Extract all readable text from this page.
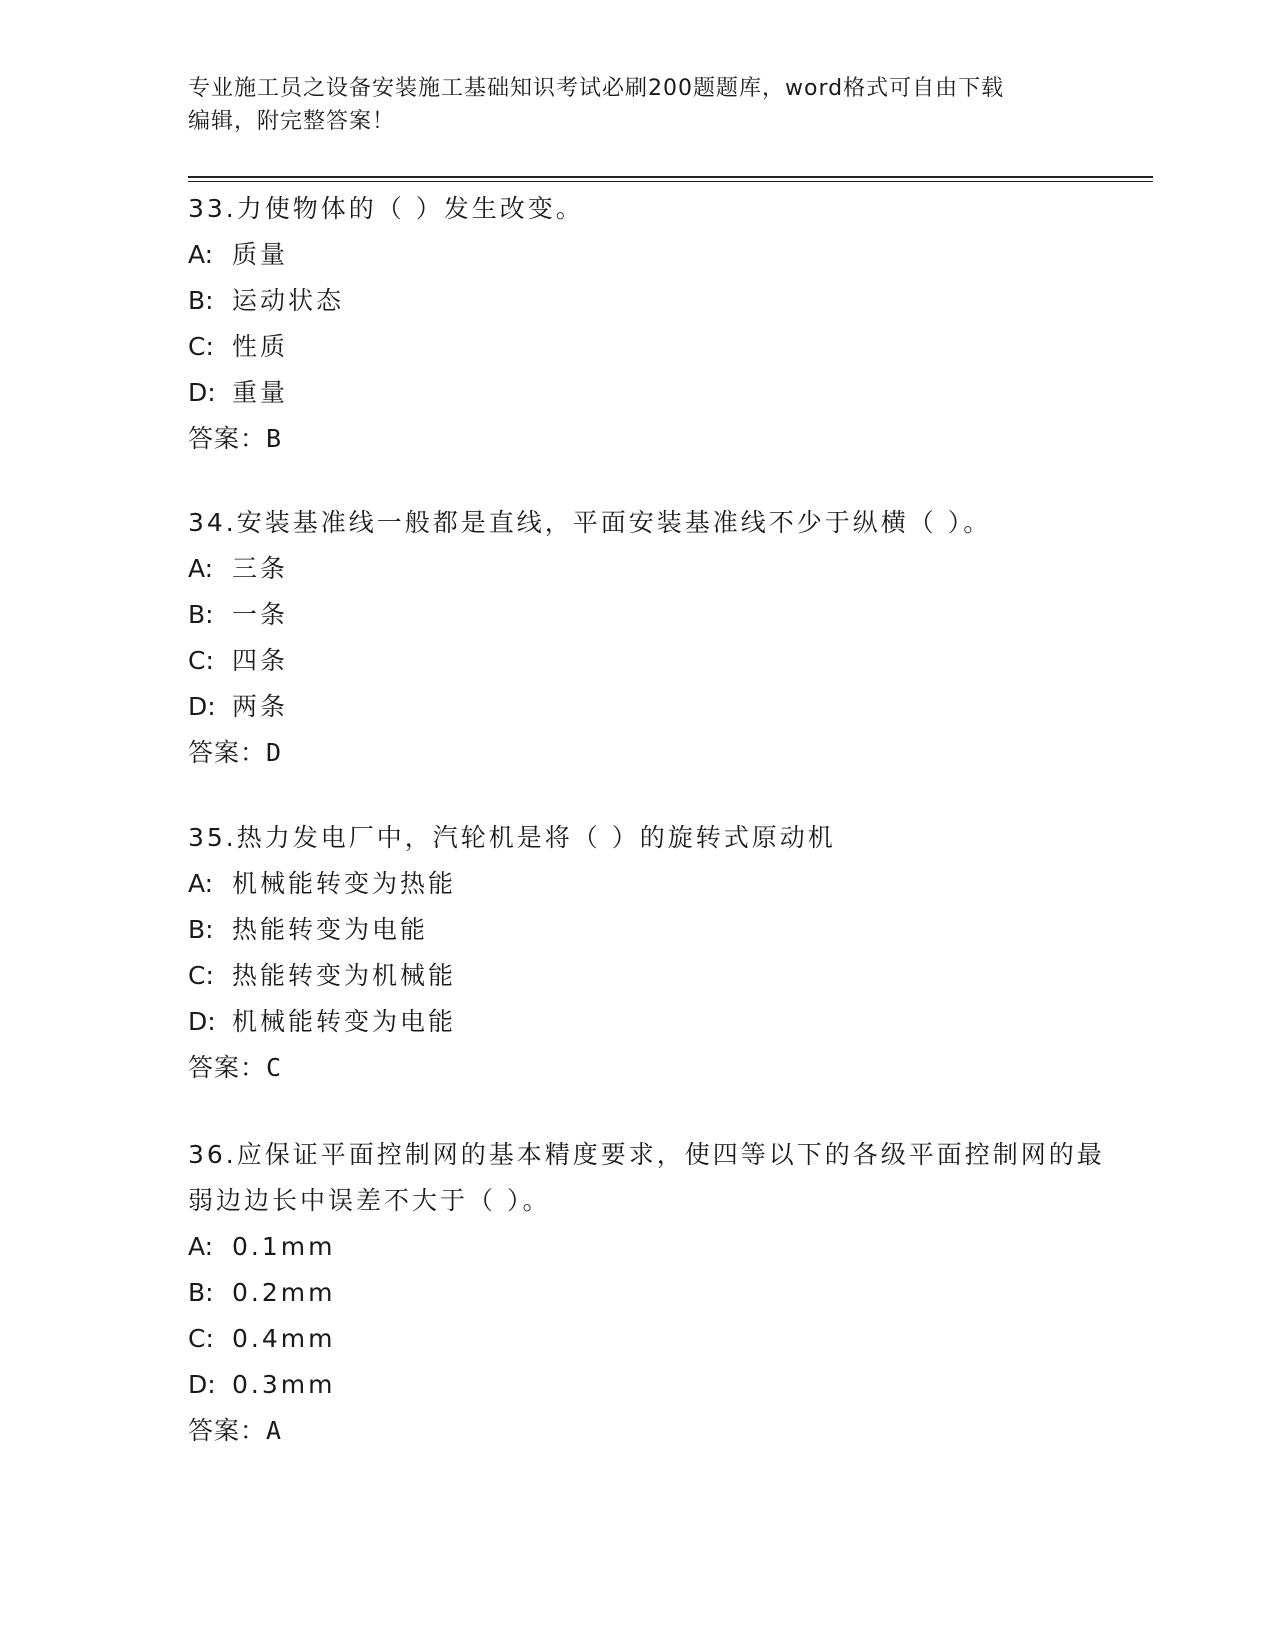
专业施工员之设备安装施工基础知识考试必刷200题题库，word格式可自由下载
编辑，附完整答案！

33.力使物体的（ ）发生改变。

A: 质量

B: 运动状态

C: 性质

D: 重量

答案：B

34.安装基准线一般都是直线，平面安装基准线不少于纵横（ ）。

A: 三条

B: 一条

C: 四条

D: 两条

答案：D

35.热力发电厂中，汽轮机是将（ ）的旋转式原动机

A: 机械能转变为热能

B: 热能转变为电能

C: 热能转变为机械能

D: 机械能转变为电能

答案：C

36.应保证平面控制网的基本精度要求，使四等以下的各级平面控制网的最弱边边长中误差不大于（ ）。

A: 0.1mm

B: 0.2mm

C: 0.4mm

D: 0.3mm

答案：A
